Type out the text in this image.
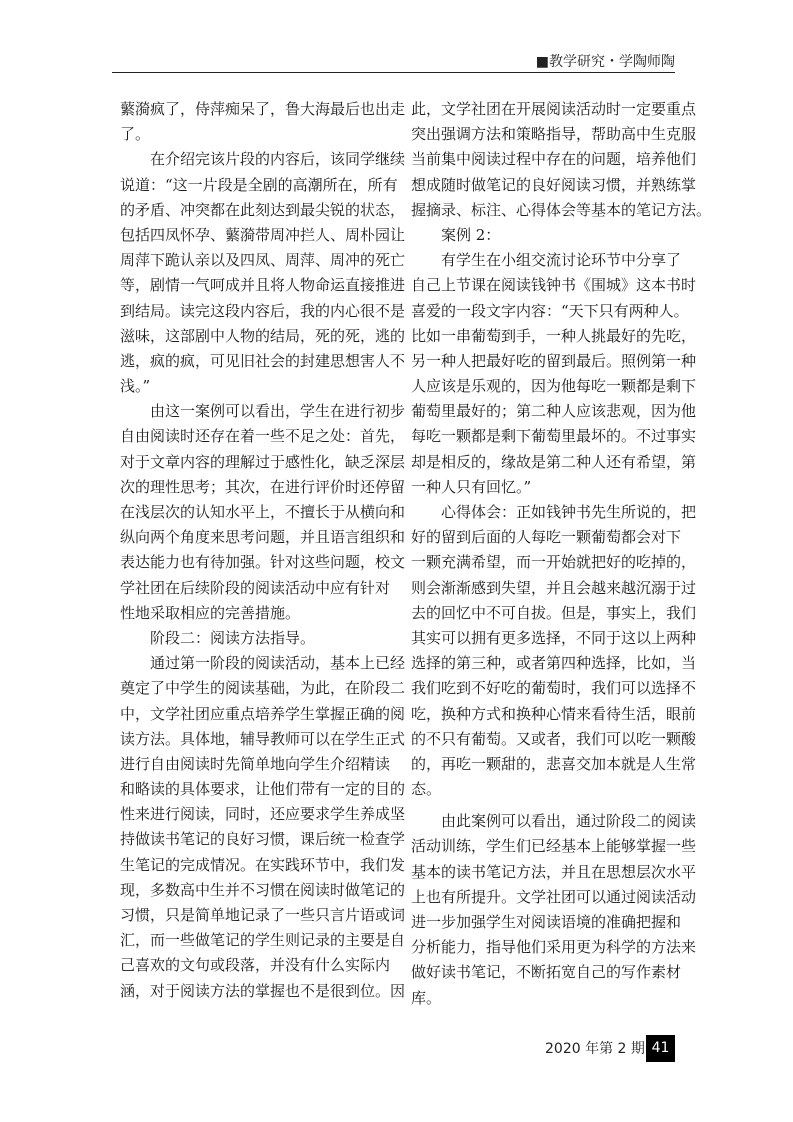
■教学研究・学陶师陶
蘩漪疯了，侍萍痴呆了，鲁大海最后也出走
了。
在介绍完该片段的内容后，该同学继续
说道：“这一片段是全剧的高潮所在，所有
的矛盾、冲突都在此刻达到最尖锐的状态，
包括四凤怀孕、蘩漪带周冲拦人、周朴园让
周萍下跪认亲以及四凤、周萍、周冲的死亡
等，剧情一气呵成并且将人物命运直接推进
到结局。读完这段内容后，我的内心很不是
滋味，这部剧中人物的结局，死的死，逃的
逃，疯的疯，可见旧社会的封建思想害人不
浅。”
由这一案例可以看出，学生在进行初步
自由阅读时还存在着一些不足之处：首先，
对于文章内容的理解过于感性化，缺乏深层
次的理性思考；其次，在进行评价时还停留
在浅层次的认知水平上，不擅长于从横向和
纵向两个角度来思考问题，并且语言组织和
表达能力也有待加强。针对这些问题，校文
学社团在后续阶段的阅读活动中应有针对
性地采取相应的完善措施。
阶段二：阅读方法指导。
通过第一阶段的阅读活动，基本上已经
奠定了中学生的阅读基础，为此，在阶段二
中，文学社团应重点培养学生掌握正确的阅
读方法。具体地，辅导教师可以在学生正式
进行自由阅读时先简单地向学生介绍精读
和略读的具体要求，让他们带有一定的目的
性来进行阅读，同时，还应要求学生养成坚
持做读书笔记的良好习惯，课后统一检查学
生笔记的完成情况。在实践环节中，我们发
现，多数高中生并不习惯在阅读时做笔记的
习惯，只是简单地记录了一些只言片语或词
汇，而一些做笔记的学生则记录的主要是自
己喜欢的文句或段落，并没有什么实际内
涵，对于阅读方法的掌握也不是很到位。因
此，文学社团在开展阅读活动时一定要重点
突出强调方法和策略指导，帮助高中生克服
当前集中阅读过程中存在的问题，培养他们
想成随时做笔记的良好阅读习惯，并熟练掌
握摘录、标注、心得体会等基本的笔记方法。
案例 2：
有学生在小组交流讨论环节中分享了
自己上节课在阅读钱钟书《围城》这本书时
喜爱的一段文字内容：“天下只有两种人。
比如一串葡萄到手，一种人挑最好的先吃，
另一种人把最好吃的留到最后。照例第一种
人应该是乐观的，因为他每吃一颗都是剩下
葡萄里最好的；第二种人应该悲观，因为他
每吃一颗都是剩下葡萄里最坏的。不过事实
却是相反的，缘故是第二种人还有希望，第
一种人只有回忆。”
心得体会：正如钱钟书先生所说的，把
好的留到后面的人每吃一颗葡萄都会对下
一颗充满希望，而一开始就把好的吃掉的，
则会渐渐感到失望，并且会越来越沉溺于过
去的回忆中不可自拔。但是，事实上，我们
其实可以拥有更多选择，不同于这以上两种
选择的第三种，或者第四种选择，比如，当
我们吃到不好吃的葡萄时，我们可以选择不
吃，换种方式和换种心情来看待生活，眼前
的不只有葡萄。又或者，我们可以吃一颗酸
的，再吃一颗甜的，悲喜交加本就是人生常
态。
由此案例可以看出，通过阶段二的阅读
活动训练，学生们已经基本上能够掌握一些
基本的读书笔记方法，并且在思想层次水平
上也有所提升。文学社团可以通过阅读活动
进一步加强学生对阅读语境的准确把握和
分析能力，指导他们采用更为科学的方法来
做好读书笔记，不断拓宽自己的写作素材
库。
2020 年第 2 期 41
